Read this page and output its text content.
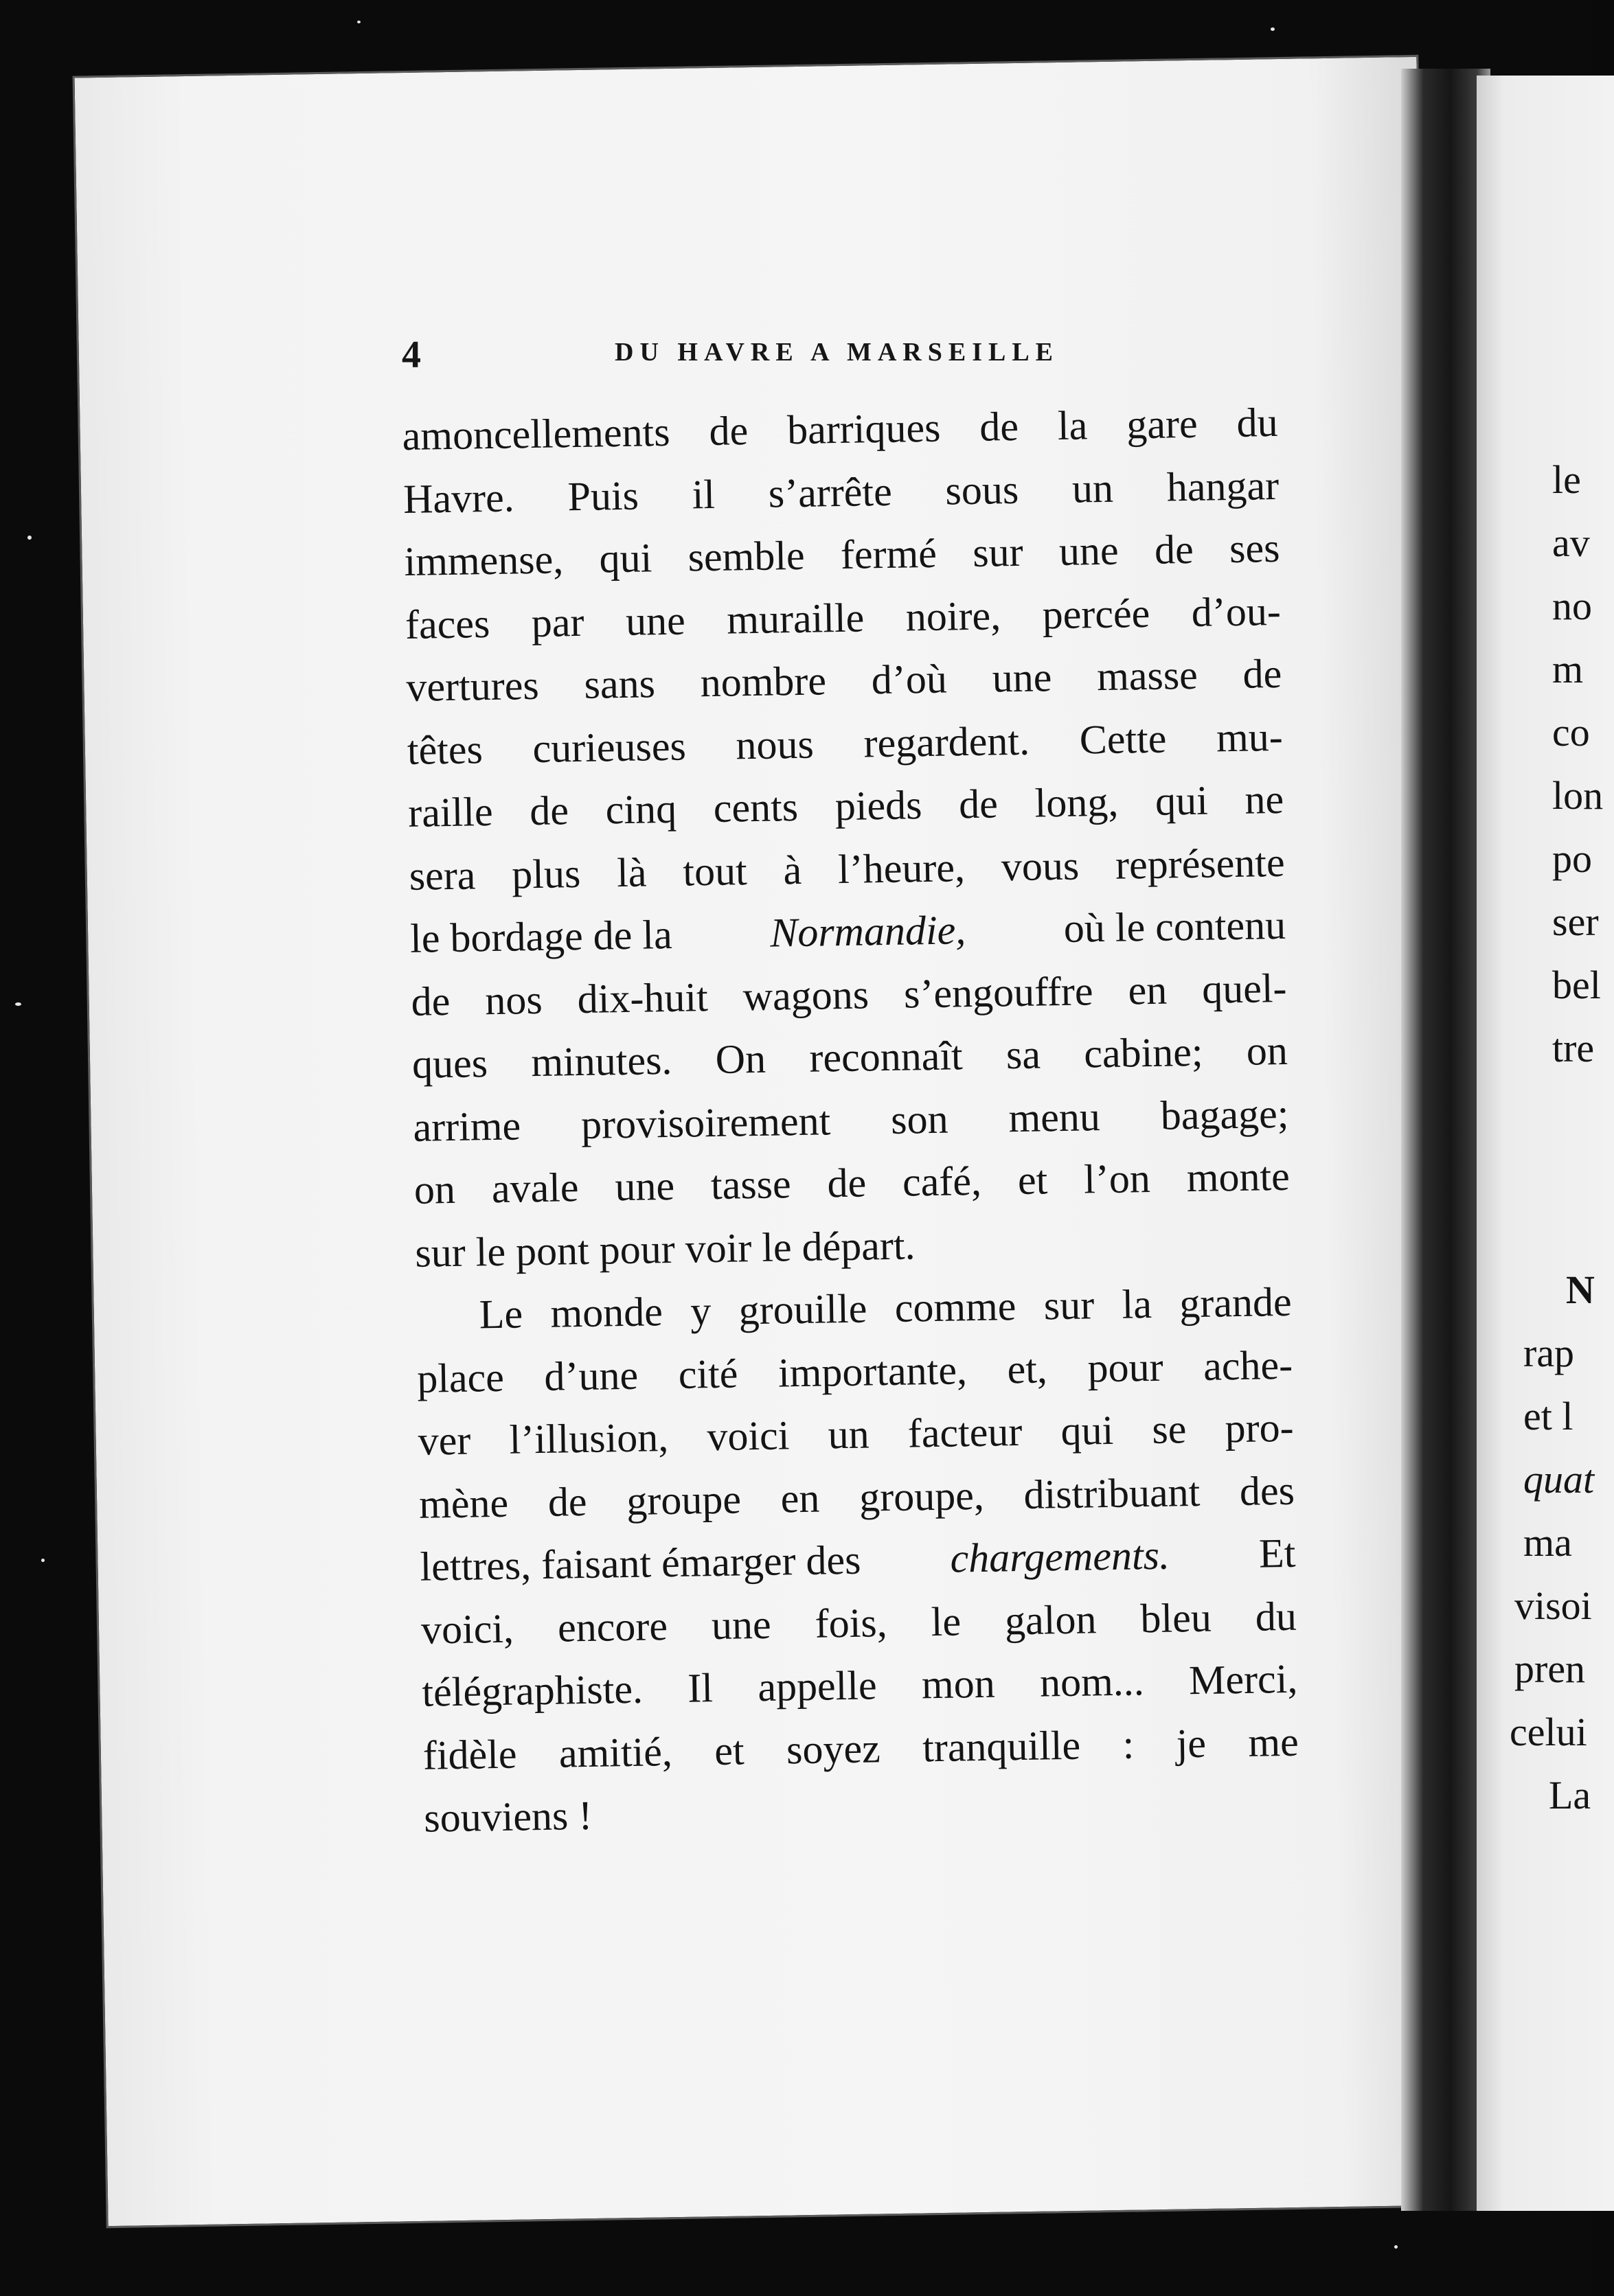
le
av
no
m
co
lon
po
ser
bel
tre
N
rap
et l
quat
ma
visoi
pren
celui
La
4	DU HAVRE A MARSEILLE
amoncellements de barriques de la gare du
Havre. Puis il s’arrête sous un hangar
immense, qui semble fermé sur une de ses
faces par une muraille noire, percée d’ou-
vertures sans nombre d’où une masse de
têtes curieuses nous regardent. Cette mu-
raille de cinq cents pieds de long, qui ne
sera plus là tout à l’heure, vous représente
le bordage de la Normandie, où le contenu
de nos dix-huit wagons s’engouffre en quel-
ques minutes. On reconnaît sa cabine; on
arrime provisoirement son menu bagage;
on avale une tasse de café, et l’on monte
sur le pont pour voir le départ.
Le monde y grouille comme sur la grande
place d’une cité importante, et, pour ache-
ver l’illusion, voici un facteur qui se pro-
mène de groupe en groupe, distribuant des
lettres, faisant émarger des chargements. Et
voici, encore une fois, le galon bleu du
télégraphiste. Il appelle mon nom... Merci,
fidèle amitié, et soyez tranquille : je me
souviens !
